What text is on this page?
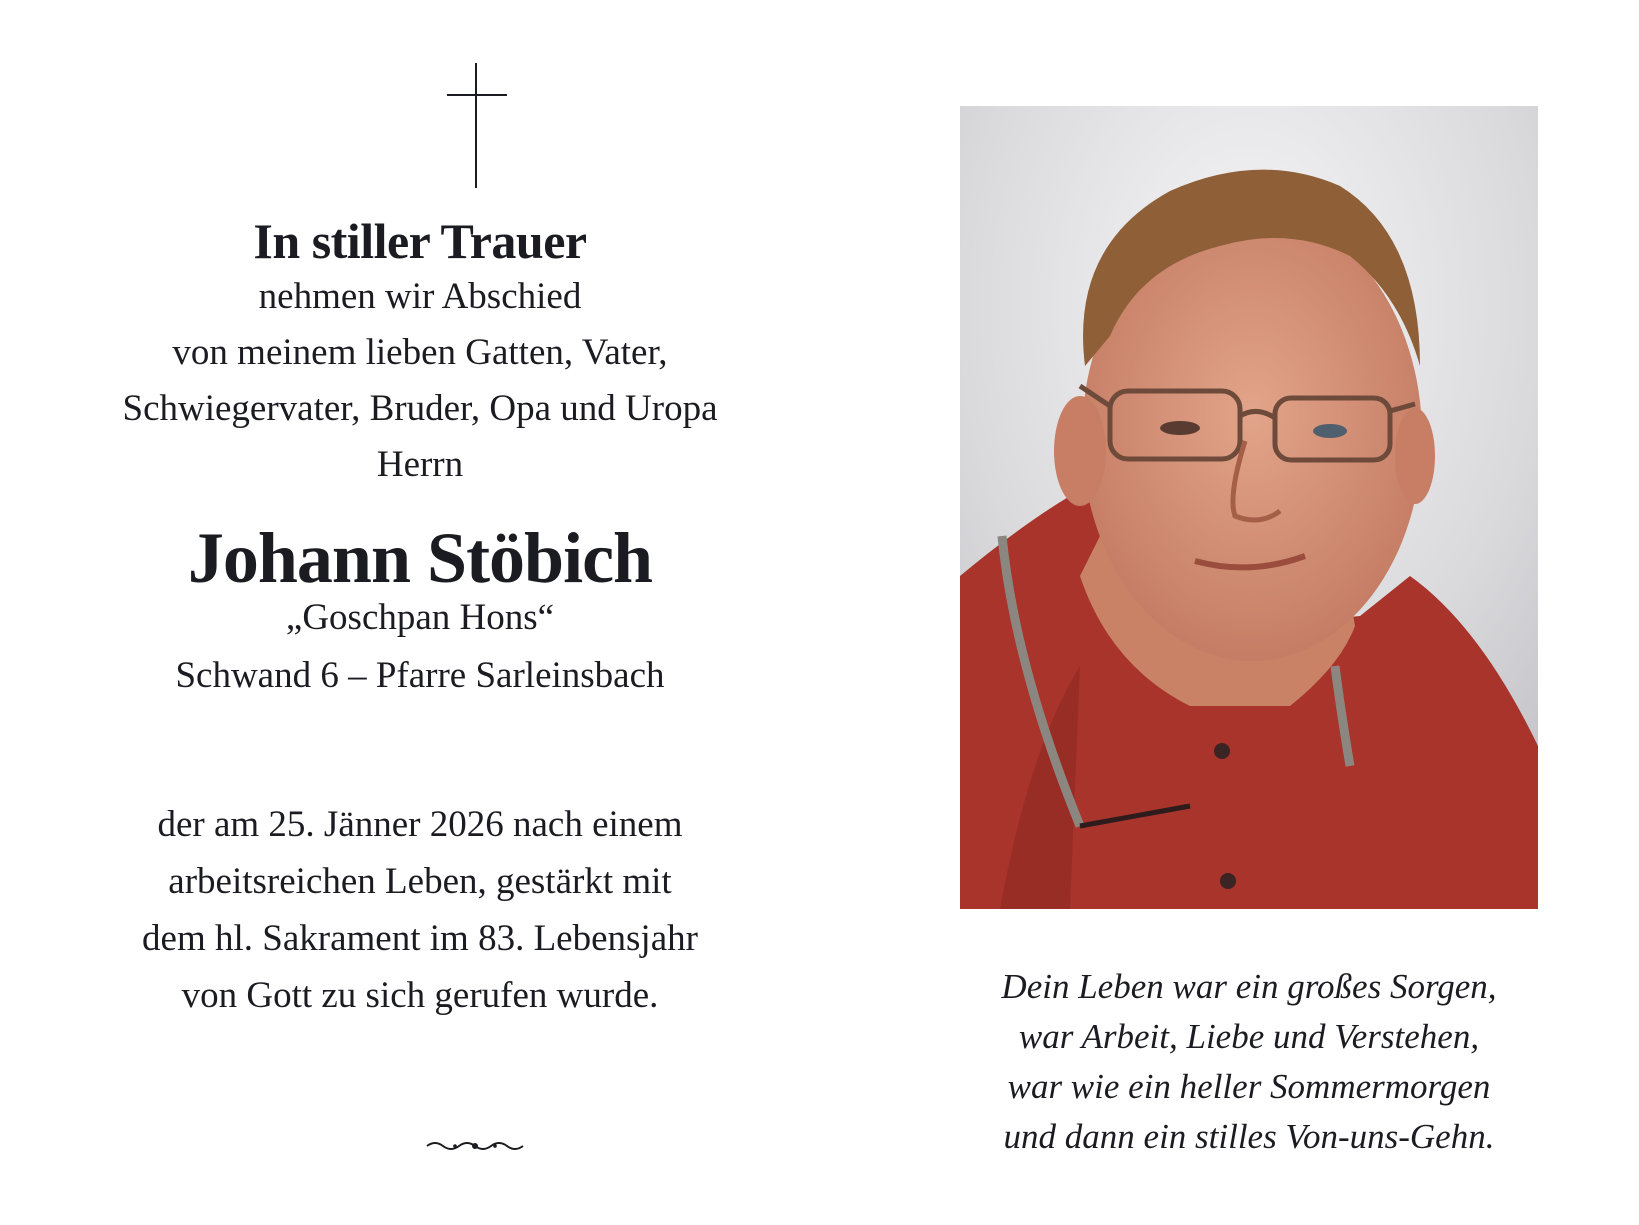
In stiller Trauer
nehmen wir Abschied
von meinem lieben Gatten, Vater,
Schwiegervater, Bruder, Opa und Uropa
Herrn
Johann Stöbich
„Goschpan Hons“
Schwand 6 – Pfarre Sarleinsbach
der am 25. Jänner 2026 nach einem
arbeitsreichen Leben, gestärkt mit
dem hl. Sakrament im 83. Lebensjahr
von Gott zu sich gerufen wurde.	Dein Leben war ein großes Sorgen,
war Arbeit, Liebe und Verstehen,
war wie ein heller Sommermorgen
und dann ein stilles Von-uns-Gehn.
